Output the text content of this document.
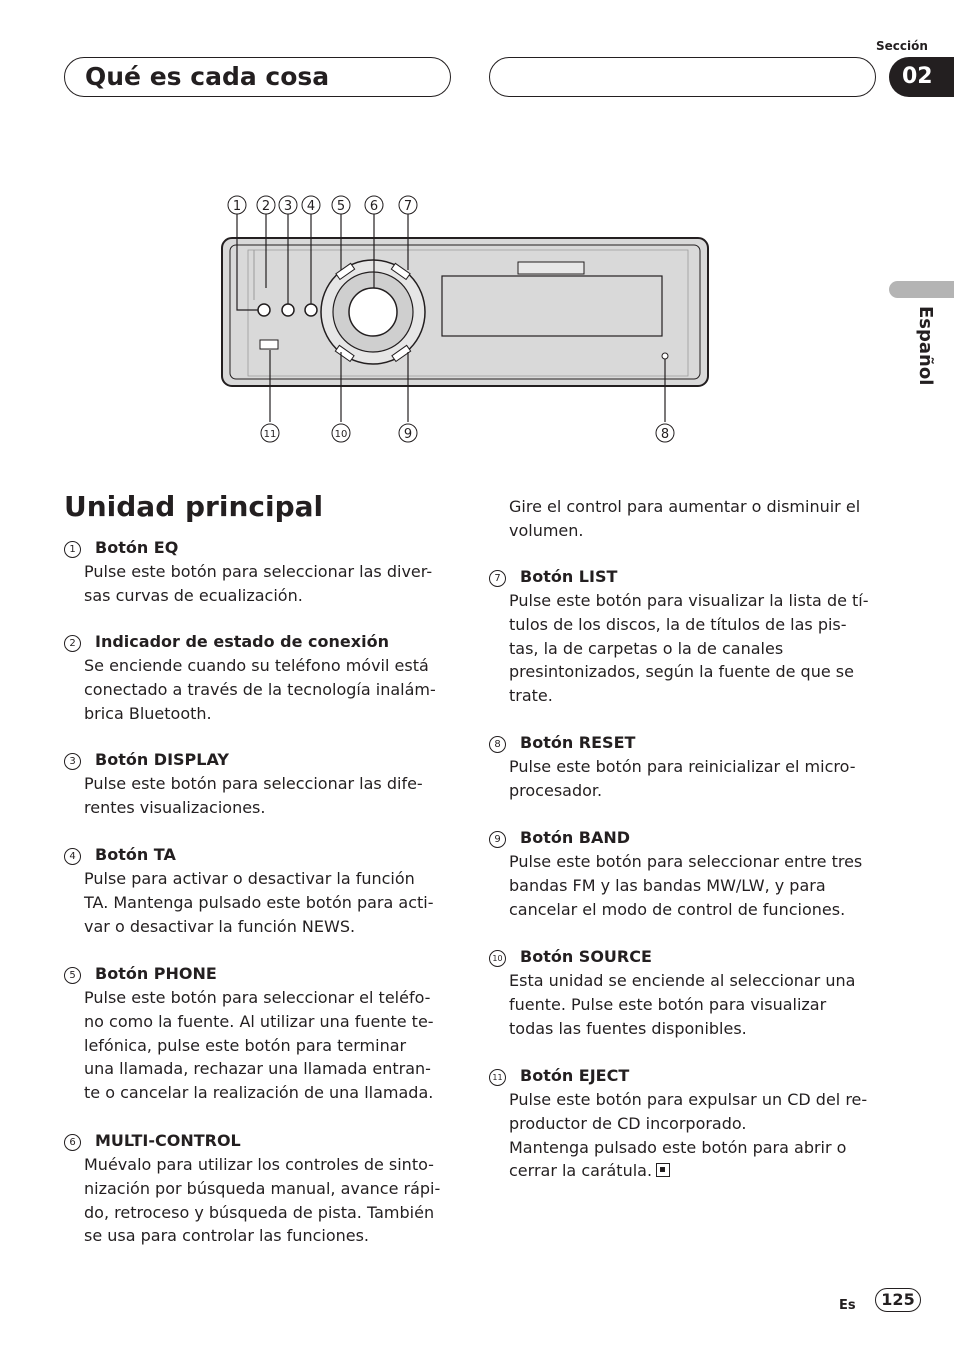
Qué es cada cosa
Sección
02
Español
1 2 3 4 5 6 7
11	10	9	8
Unidad principal
1 Botón EQ
Pulse este botón para seleccionar las diver-
sas curvas de ecualización.
2 Indicador de estado de conexión
Se enciende cuando su teléfono móvil está
conectado a través de la tecnología inalám-
brica Bluetooth.
3 Botón DISPLAY
Pulse este botón para seleccionar las dife-
rentes visualizaciones.
4 Botón TA
Pulse para activar o desactivar la función
TA. Mantenga pulsado este botón para acti-
var o desactivar la función NEWS.
5 Botón PHONE
Pulse este botón para seleccionar el teléfo-
no como la fuente. Al utilizar una fuente te-
lefónica, pulse este botón para terminar
una llamada, rechazar una llamada entran-
te o cancelar la realización de una llamada.
6 MULTI-CONTROL
Muévalo para utilizar los controles de sinto-
nización por búsqueda manual, avance rápi-
do, retroceso y búsqueda de pista. También
se usa para controlar las funciones.
Gire el control para aumentar o disminuir el
volumen.
7 Botón LIST
Pulse este botón para visualizar la lista de tí-
tulos de los discos, la de títulos de las pis-
tas, la de carpetas o la de canales
presintonizados, según la fuente de que se
trate.
8 Botón RESET
Pulse este botón para reinicializar el micro-
procesador.
9 Botón BAND
Pulse este botón para seleccionar entre tres
bandas FM y las bandas MW/LW, y para
cancelar el modo de control de funciones.
10 Botón SOURCE
Esta unidad se enciende al seleccionar una
fuente. Pulse este botón para visualizar
todas las fuentes disponibles.
11 Botón EJECT
Pulse este botón para expulsar un CD del re-
productor de CD incorporado.
Mantenga pulsado este botón para abrir o
cerrar la carátula.
Es	125
